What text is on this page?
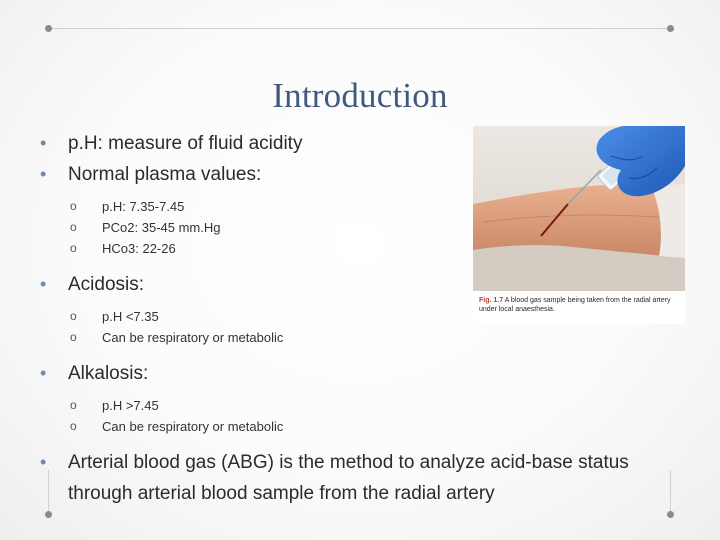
Introduction
• p.H: measure of fluid acidity
• Normal plasma values:
o p.H: 7.35-7.45
o PCo2: 35-45 mm.Hg
o HCo3: 22-26
• Acidosis:
o p.H <7.35
o Can be respiratory or metabolic
• Alkalosis:
o p.H >7.45
o Can be respiratory or metabolic
• Arterial blood gas (ABG) is the method to analyze acid-base status through arterial blood sample from the radial artery
Fig. 1.7 A blood gas sample being taken from the radial artery under local anaesthesia.
